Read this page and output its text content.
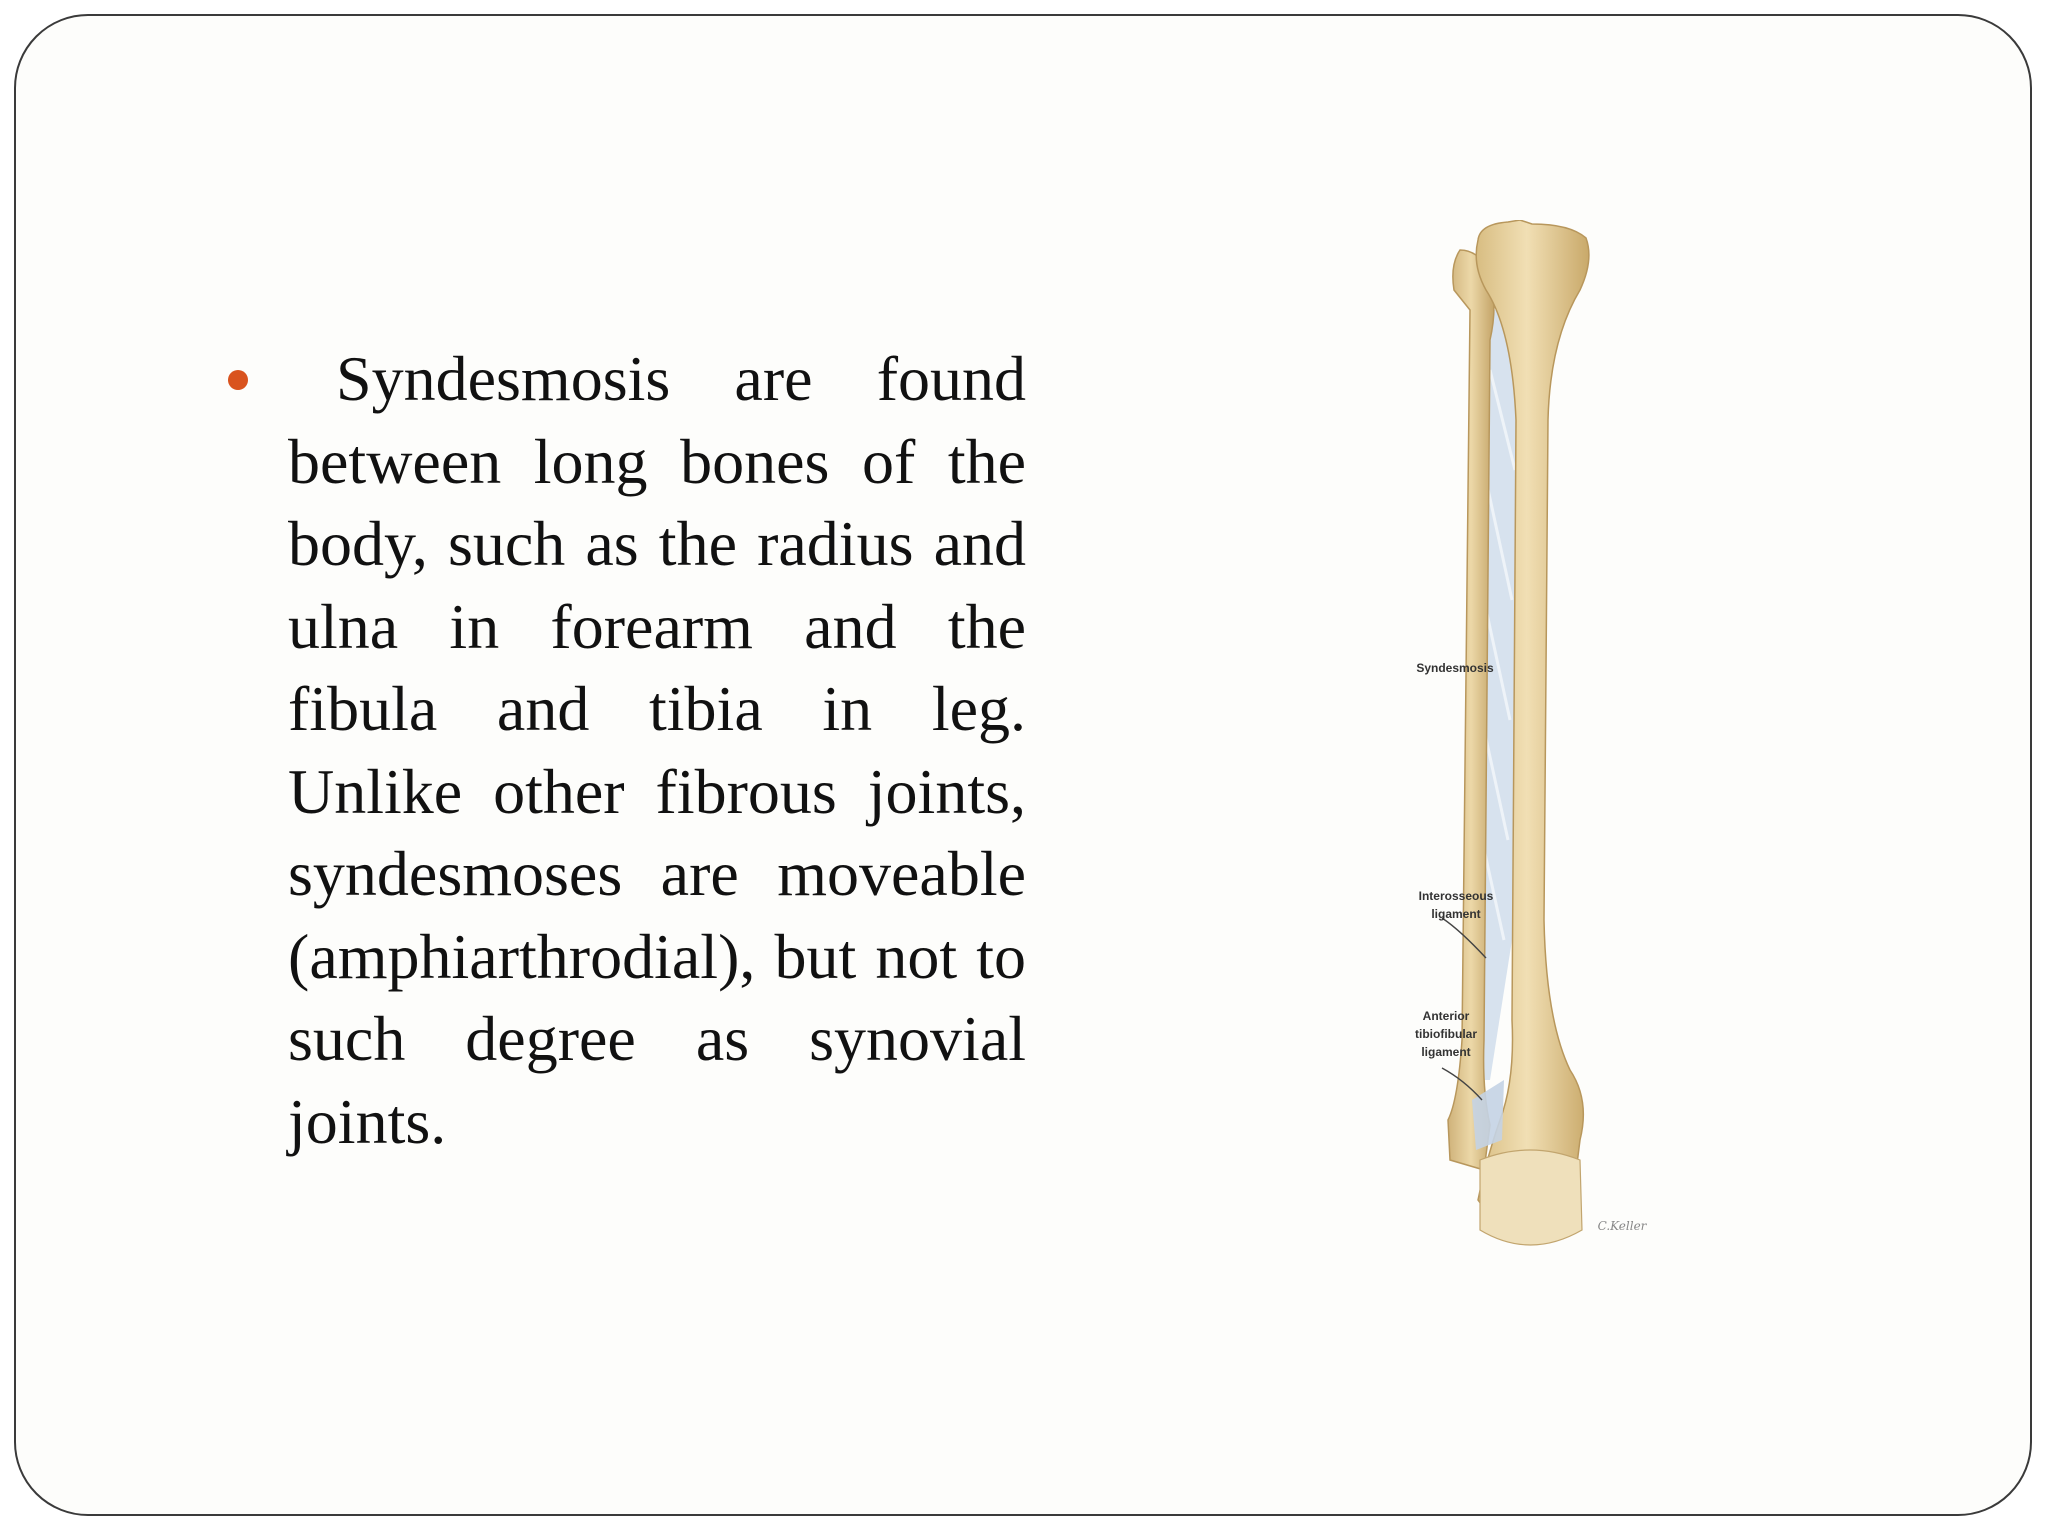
Syndesmosis are found between long bones of the body, such as the radius and ulna in forearm and the fibula and tibia in leg. Unlike other fibrous joints, syndesmoses are moveable (amphiarthrodial), but not to such degree as synovial joints.

Syndesmosis
Interosseous
ligament
Anterior
tibiofibular
ligament
C.Keller
